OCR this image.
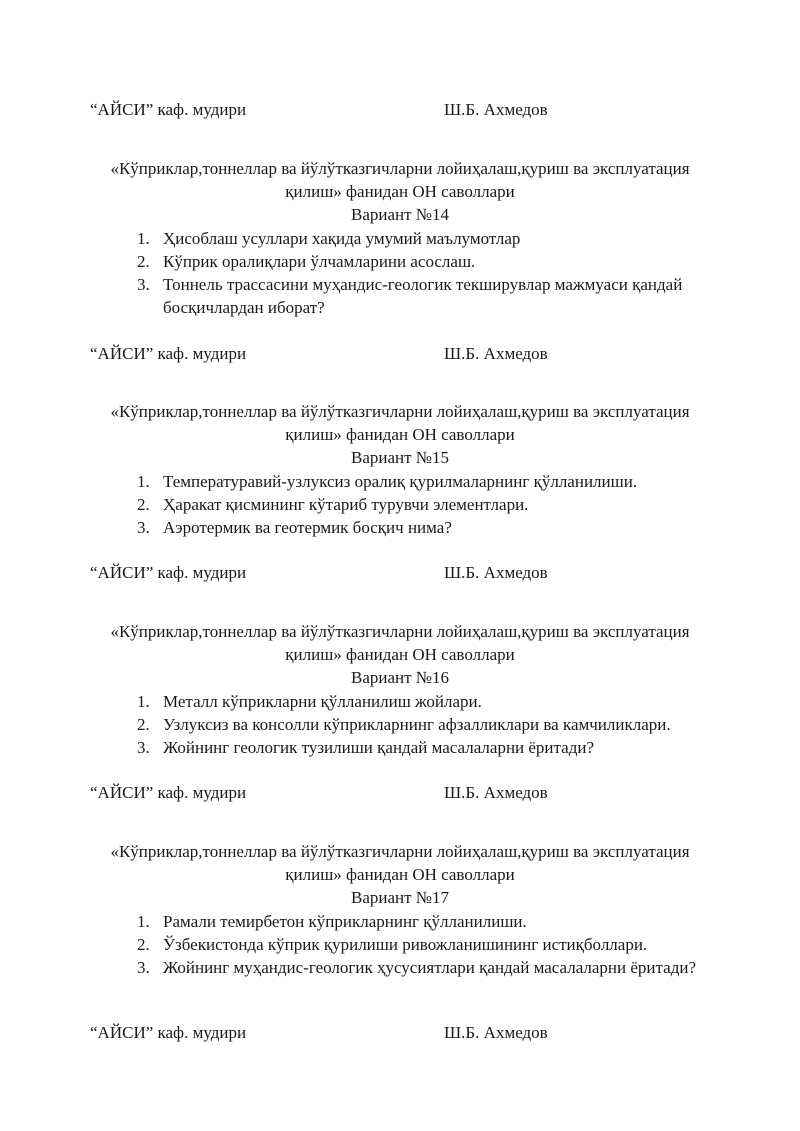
“АЙСИ” каф. мудири	Ш.Б. Ахмедов
«Кўприклар,тоннеллар ва йўлўтказгичларни лойиҳалаш,қуриш ва эксплуатация
қилиш» фанидан ОН саволлари
Вариант №14
1. Ҳисоблаш усуллари хақида умумий маълумотлар
2. Кўприк оралиқлари ўлчамларини асослаш.
3. Тоннель трассасини муҳандис-геологик текширувлар мажмуаси қандай босқичлардан иборат?
“АЙСИ” каф. мудири	Ш.Б. Ахмедов
«Кўприклар,тоннеллар ва йўлўтказгичларни лойиҳалаш,қуриш ва эксплуатация
қилиш» фанидан ОН саволлари
Вариант №15
1. Температуравий-узлуксиз оралиқ қурилмаларнинг қўлланилиши.
2. Ҳаракат қисмининг кўтариб турувчи элементлари.
3. Аэротермик ва геотермик босқич нима?
“АЙСИ” каф. мудири	Ш.Б. Ахмедов
«Кўприклар,тоннеллар ва йўлўтказгичларни лойиҳалаш,қуриш ва эксплуатация
қилиш» фанидан ОН саволлари
Вариант №16
1. Металл кўприкларни қўлланилиш жойлари.
2. Узлуксиз ва консолли кўприкларнинг афзалликлари ва камчиликлари.
3. Жойнинг геологик тузилиши қандай масалаларни ёритади?
“АЙСИ” каф. мудири	Ш.Б. Ахмедов
«Кўприклар,тоннеллар ва йўлўтказгичларни лойиҳалаш,қуриш ва эксплуатация
қилиш» фанидан ОН саволлари
Вариант №17
1. Рамали темирбетон кўприкларнинг қўлланилиши.
2. Ўзбекистонда кўприк қурилиши ривожланишининг истиқболлари.
3. Жойнинг муҳандис-геологик ҳусусиятлари қандай масалаларни ёритади?
“АЙСИ” каф. мудири	Ш.Б. Ахмедов
